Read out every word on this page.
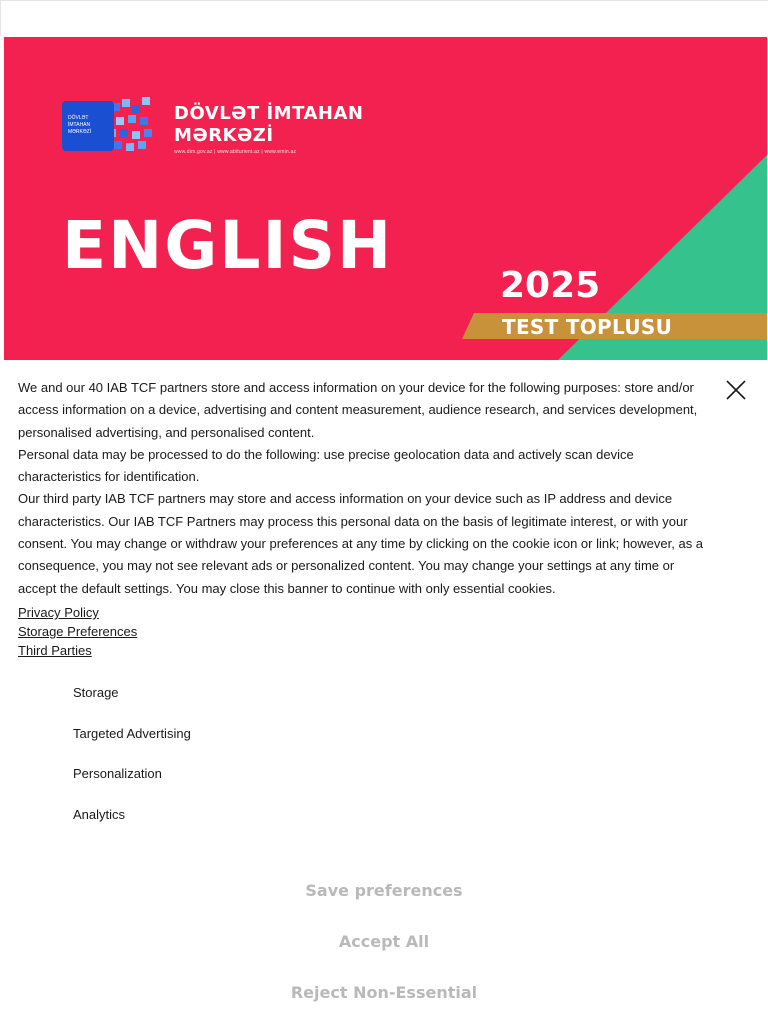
DÖVLƏT İMTAHAN MƏRKƏZİ
DÖVLƏT İMTAHAN
MƏRKƏZİ
www.dim.gov.az | www.abiturient.az | www.emin.az
ENGLISH
2025
TEST TOPLUSU

We and our 40 IAB TCF partners store and access information on your device for the following purposes: store and/or access information on a device, advertising and content measurement, audience research, and services development, personalised advertising, and personalised content.

Personal data may be processed to do the following: use precise geolocation data and actively scan device characteristics for identification.

Our third party IAB TCF partners may store and access information on your device such as IP address and device characteristics. Our IAB TCF Partners may process this personal data on the basis of legitimate interest, or with your consent. You may change or withdraw your preferences at any time by clicking on the cookie icon or link; however, as a consequence, you may not see relevant ads or personalized content. You may change your settings at any time or accept the default settings. You may close this banner to continue with only essential cookies.

Privacy Policy
Storage Preferences
Third Parties
Storage
Targeted Advertising
Personalization
Analytics
Save preferences
Accept All
Reject Non-Essential
